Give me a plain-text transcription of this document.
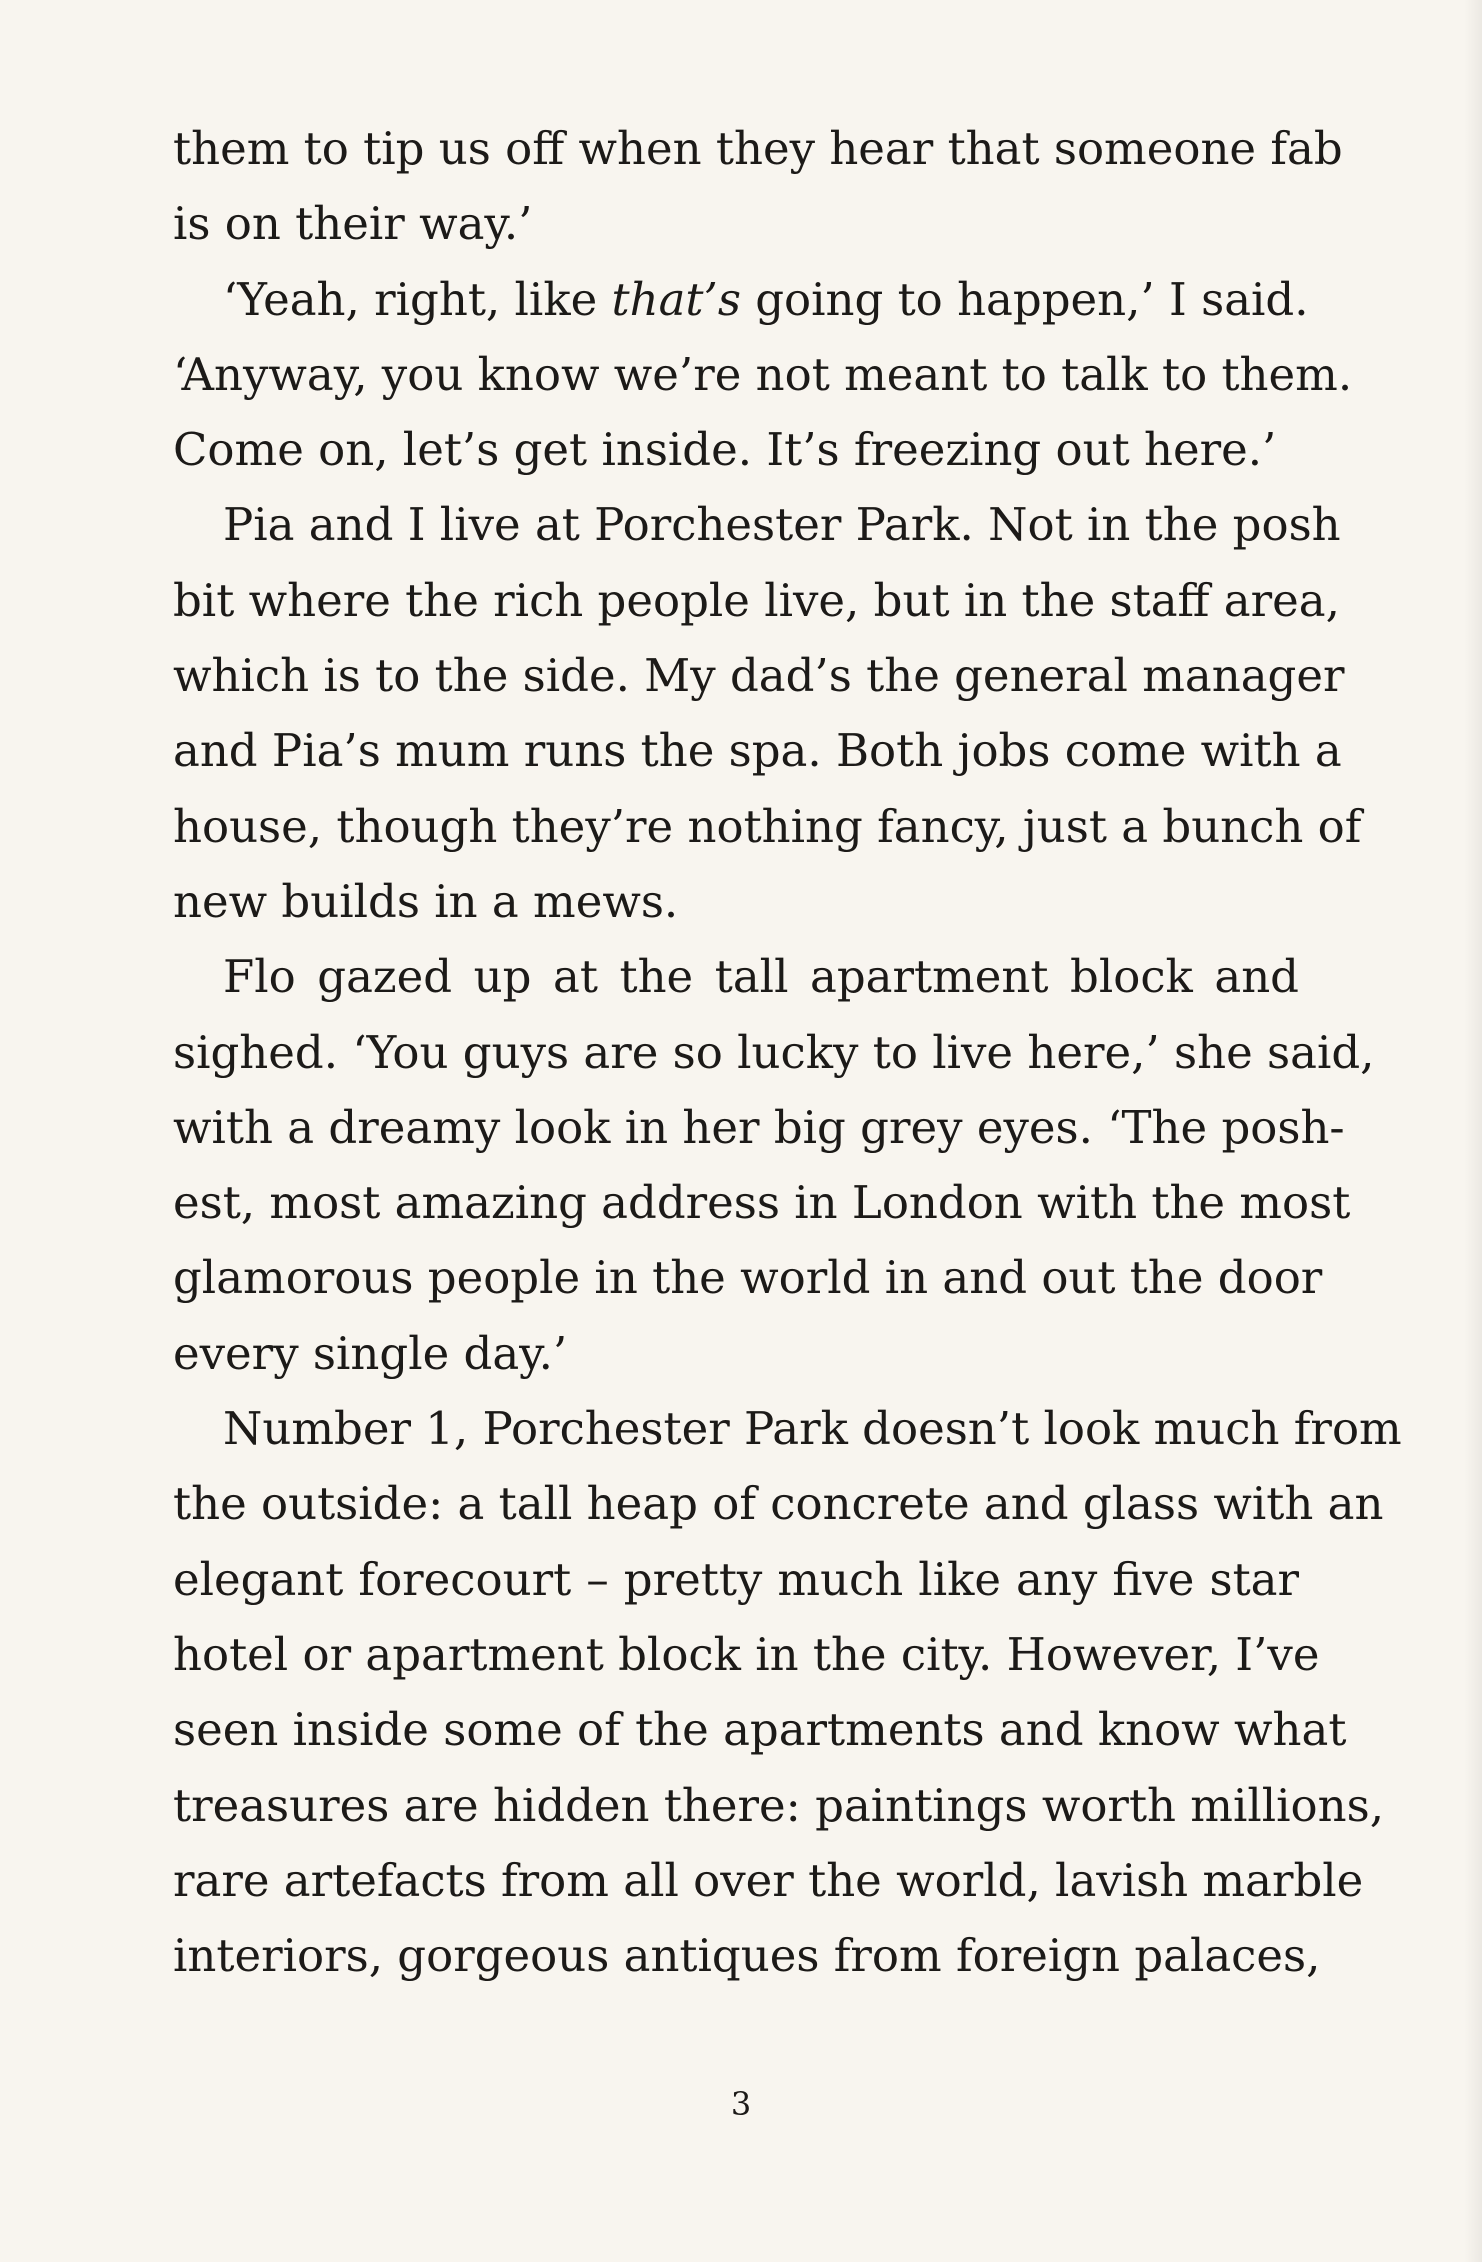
them to tip us off when they hear that someone fab
is on their way.’
‘Yeah, right, like that’s going to happen,’ I said.
‘Anyway, you know we’re not meant to talk to them.
Come on, let’s get inside. It’s freezing out here.’
Pia and I live at Porchester Park. Not in the posh
bit where the rich people live, but in the staff area,
which is to the side. My dad’s the general manager
and Pia’s mum runs the spa. Both jobs come with a
house, though they’re nothing fancy, just a bunch of
new builds in a mews.
Flo gazed up at the tall apartment block and
sighed. ‘You guys are so lucky to live here,’ she said,
with a dreamy look in her big grey eyes. ‘The posh-
est, most amazing address in London with the most
glamorous people in the world in and out the door
every single day.’
Number 1, Porchester Park doesn’t look much from
the outside: a tall heap of concrete and glass with an
elegant forecourt – pretty much like any five star
hotel or apartment block in the city. However, I’ve
seen inside some of the apartments and know what
treasures are hidden there: paintings worth millions,
rare artefacts from all over the world, lavish marble
interiors, gorgeous antiques from foreign palaces,
3
